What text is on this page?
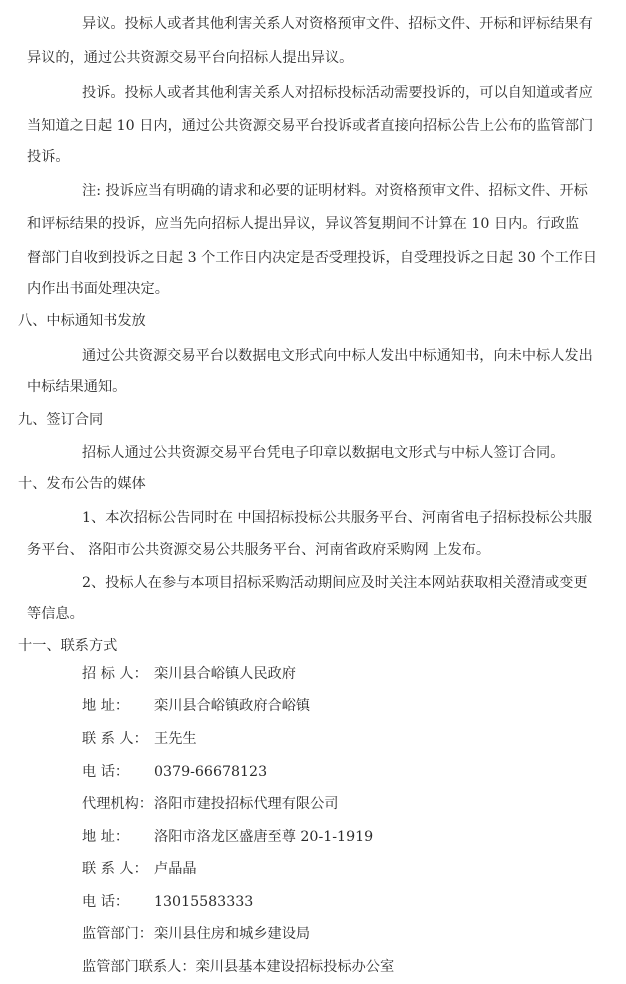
异议。投标人或者其他利害关系人对资格预审文件、招标文件、开标和评标结果有

异议的，通过公共资源交易平台向招标人提出异议。

投诉。投标人或者其他利害关系人对招标投标活动需要投诉的，可以自知道或者应

当知道之日起 10 日内，通过公共资源交易平台投诉或者直接向招标公告上公布的监管部门

投诉。

注: 投诉应当有明确的请求和必要的证明材料。对资格预审文件、招标文件、开标

和评标结果的投诉，应当先向招标人提出异议，异议答复期间不计算在 10 日内。行政监

督部门自收到投诉之日起 3 个工作日内决定是否受理投诉，自受理投诉之日起 30 个工作日

内作出书面处理决定。

八、中标通知书发放

通过公共资源交易平台以数据电文形式向中标人发出中标通知书，向未中标人发出

中标结果通知。

九、签订合同

招标人通过公共资源交易平台凭电子印章以数据电文形式与中标人签订合同。

十、发布公告的媒体

1、本次招标公告同时在 中国招标投标公共服务平台、河南省电子招标投标公共服

务平台、 洛阳市公共资源交易公共服务平台、河南省政府采购网 上发布。

2、投标人在参与本项目招标采购活动期间应及时关注本网站获取相关澄清或变更

等信息。

十一、联系方式

招 标 人： 栾川县合峪镇人民政府
地 址：	栾川县合峪镇政府合峪镇
联 系 人： 王先生
电 话：	0379-66678123
代理机构： 洛阳市建投招标代理有限公司
地 址：	洛阳市洛龙区盛唐至尊 20-1-1919
联 系 人： 卢晶晶
电 话：	13015583333
监管部门： 栾川县住房和城乡建设局
监管部门联系人： 栾川县基本建设招标投标办公室
